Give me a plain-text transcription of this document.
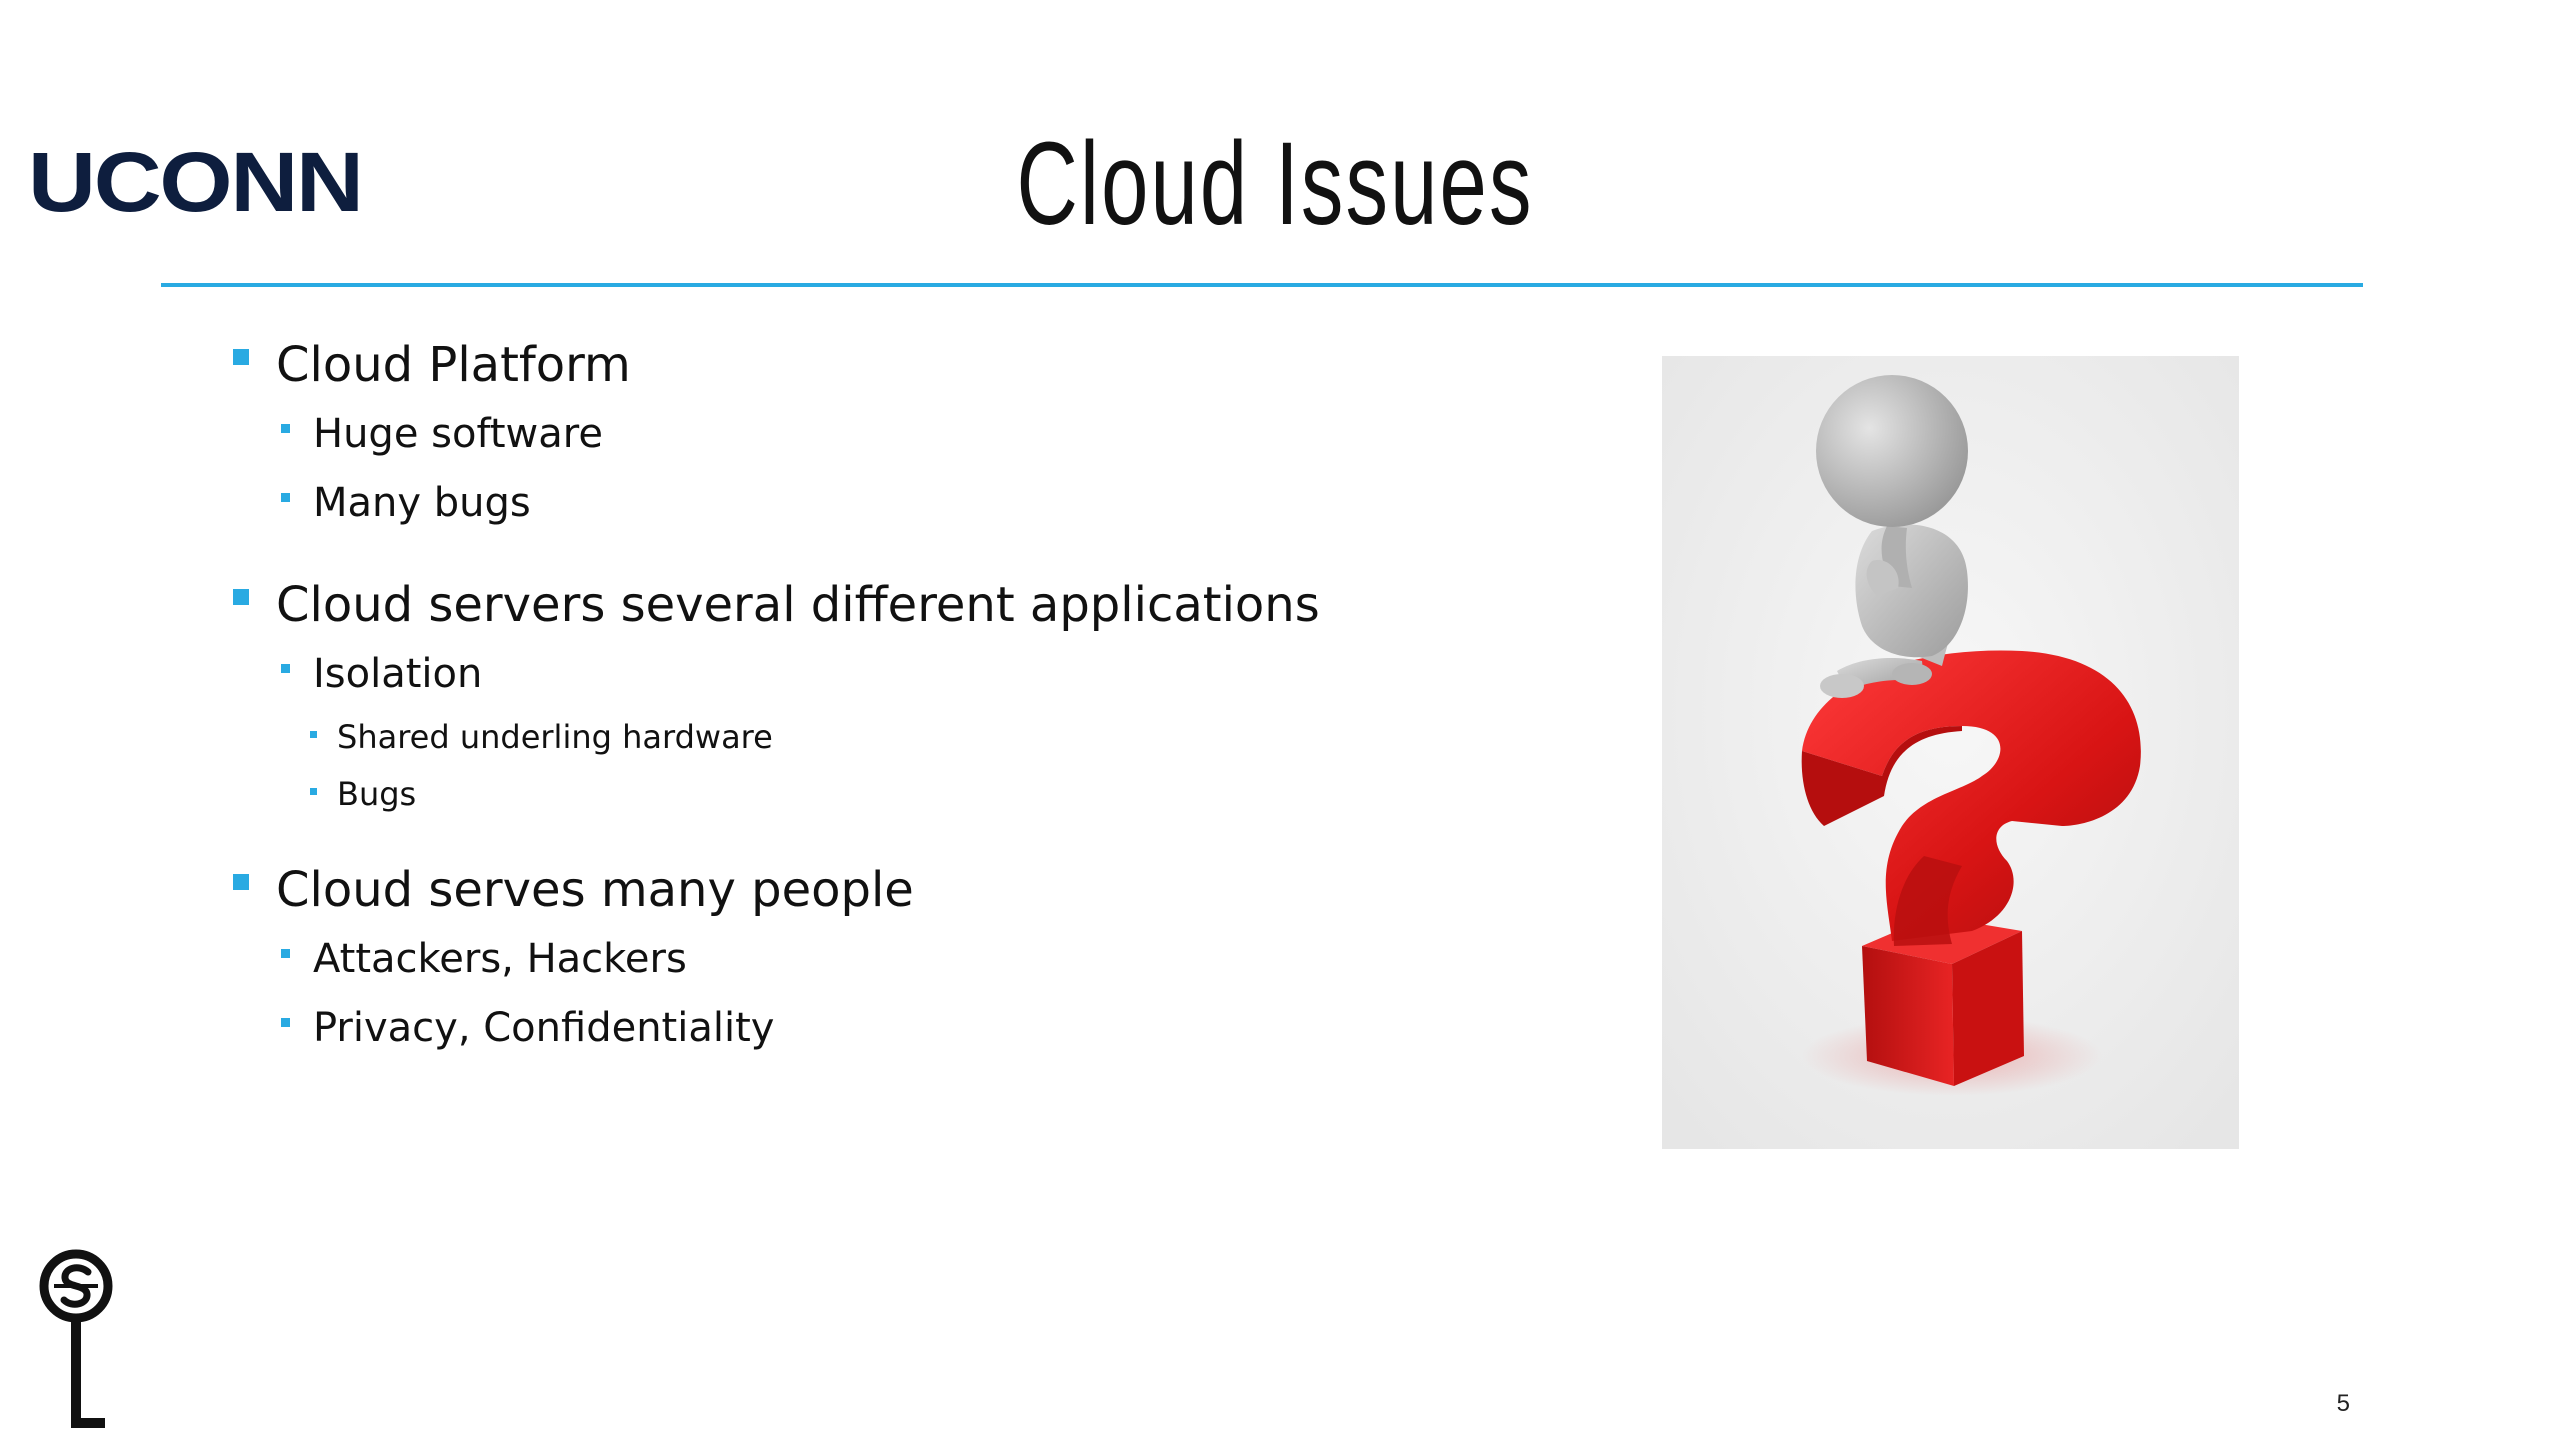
UCONN	Cloud Issues
Cloud Platform
Huge software
Many bugs
Cloud servers several different applications
Isolation
Shared underling hardware
Bugs
Cloud serves many people
Attackers, Hackers
Privacy, Confidentiality
5
